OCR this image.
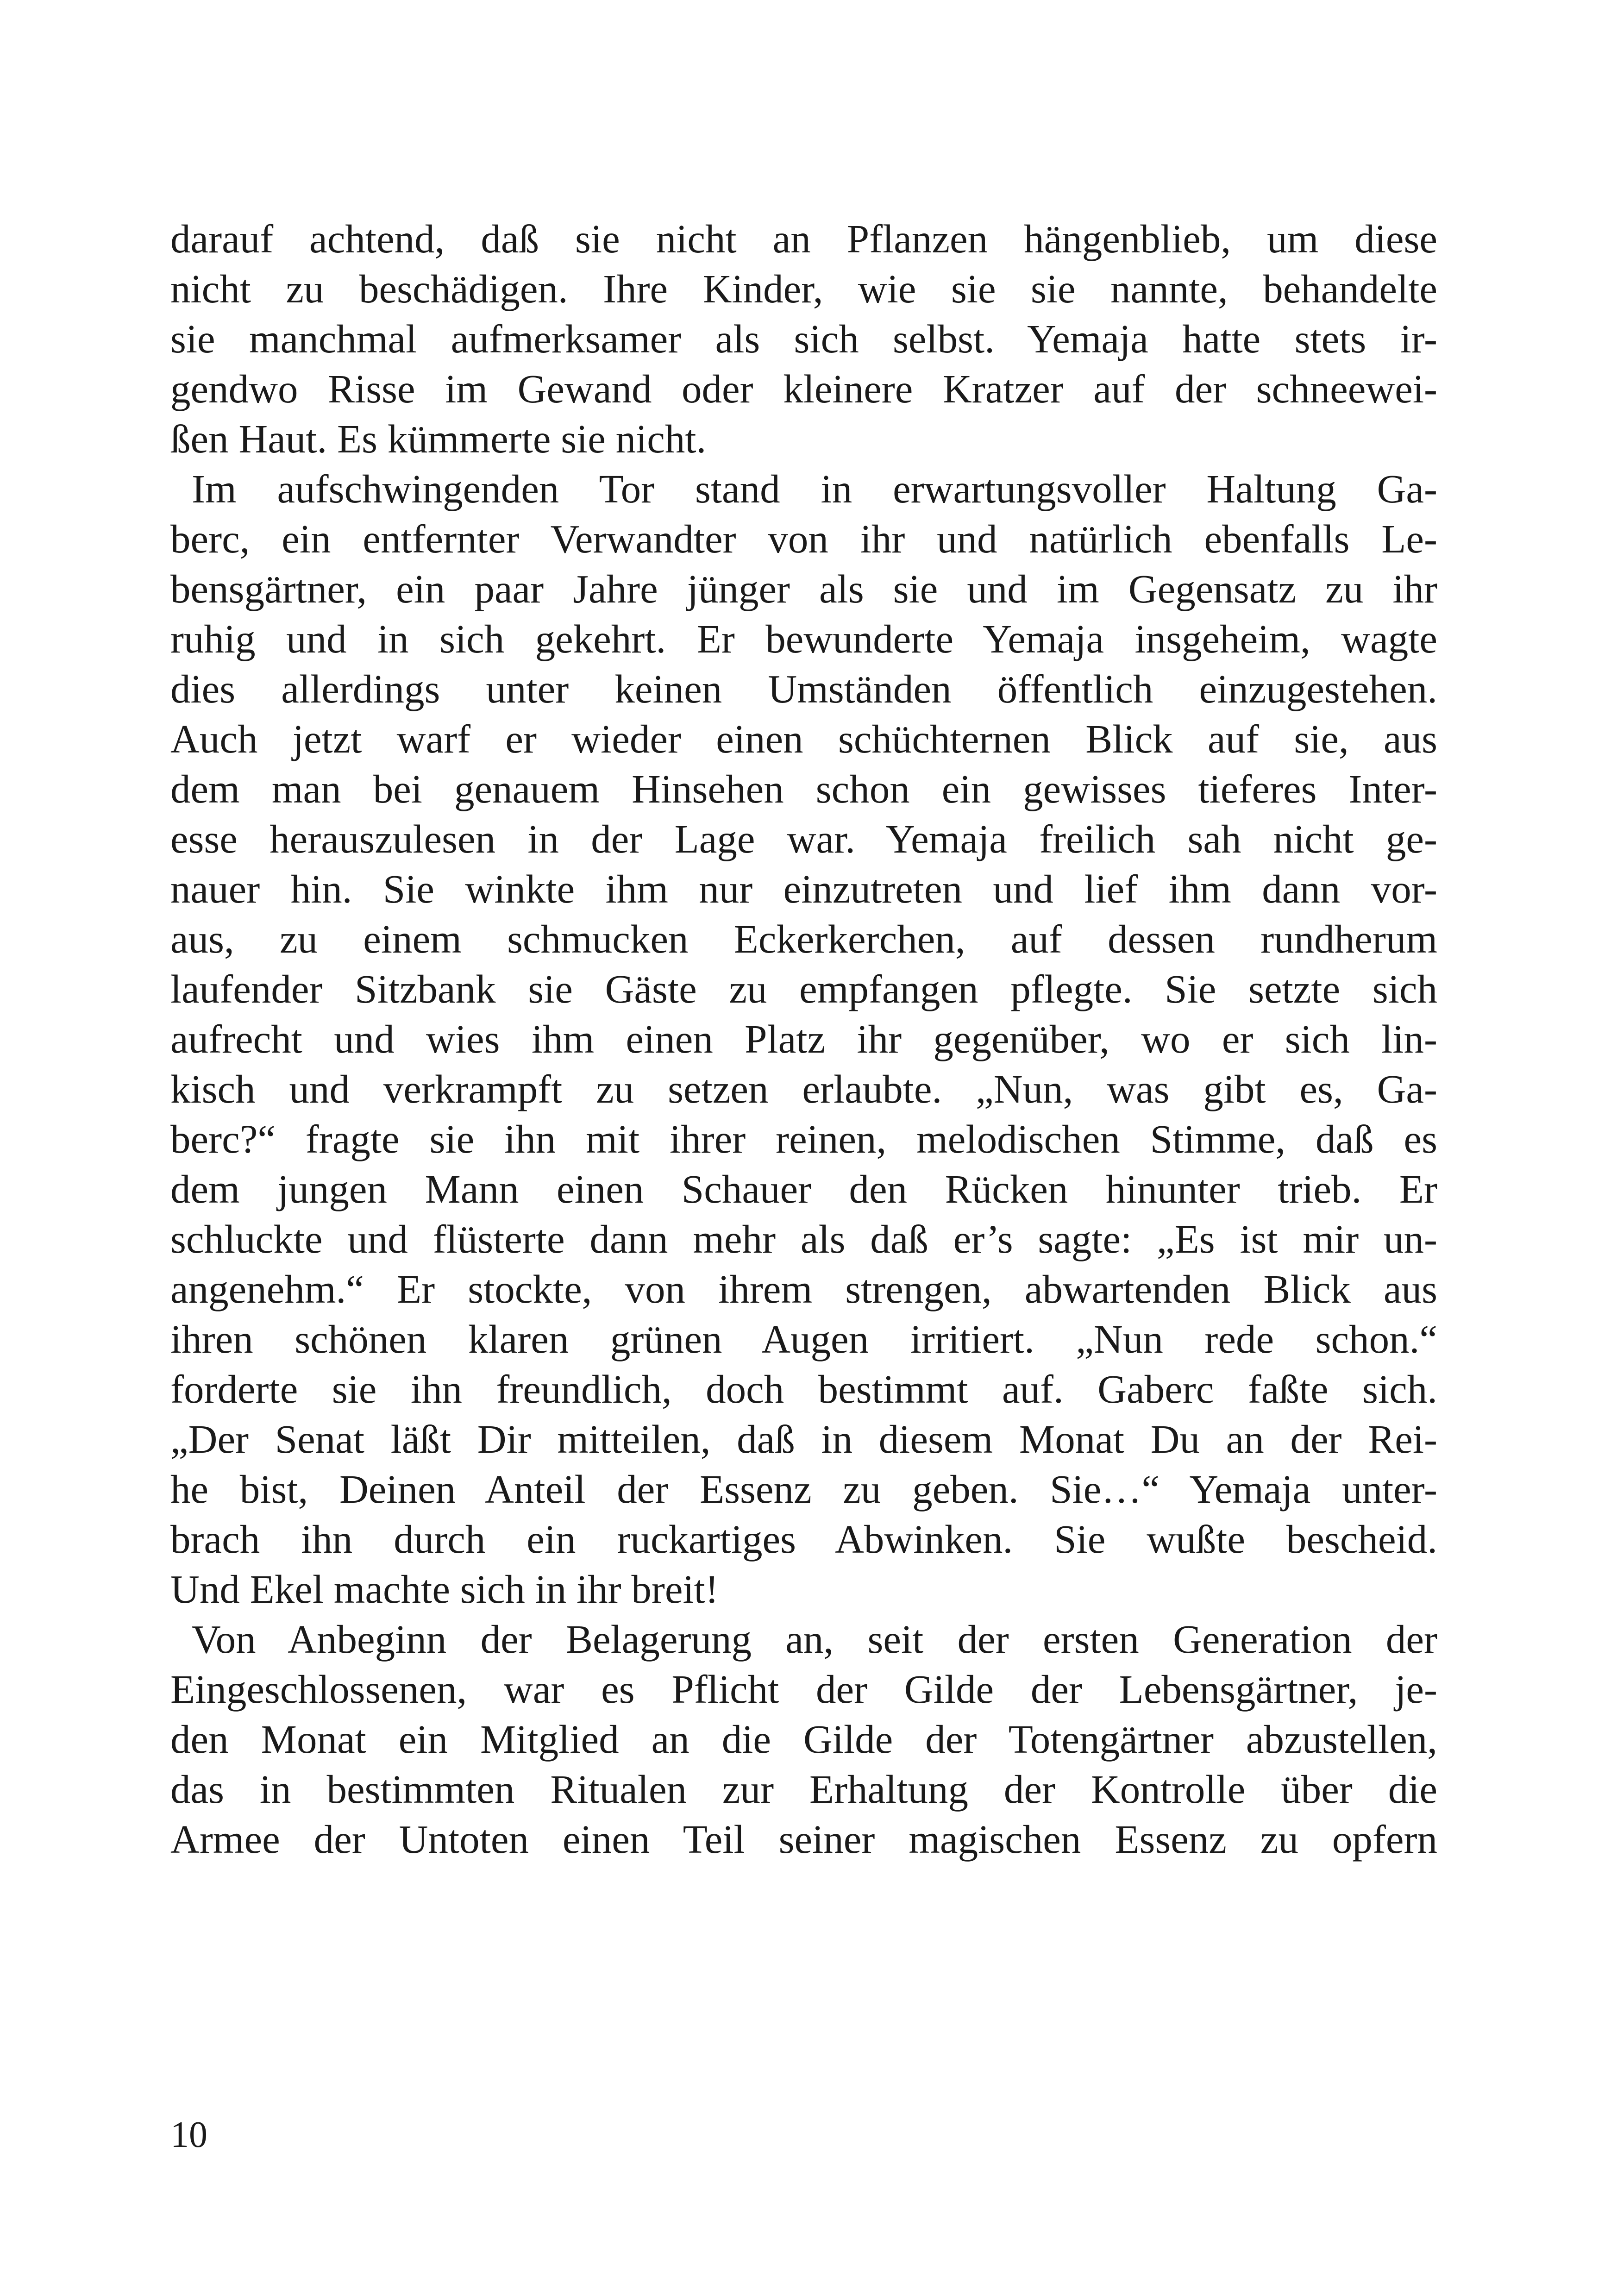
darauf achtend, daß sie nicht an Pflanzen hängenblieb, um diese
nicht zu beschädigen. Ihre Kinder, wie sie sie nannte, behandelte
sie manchmal aufmerksamer als sich selbst. Yemaja hatte stets ir-
gendwo Risse im Gewand oder kleinere Kratzer auf der schneewei-
ßen Haut. Es kümmerte sie nicht.
Im aufschwingenden Tor stand in erwartungsvoller Haltung Ga-
berc, ein entfernter Verwandter von ihr und natürlich ebenfalls Le-
bensgärtner, ein paar Jahre jünger als sie und im Gegensatz zu ihr
ruhig und in sich gekehrt. Er bewunderte Yemaja insgeheim, wagte
dies allerdings unter keinen Umständen öffentlich einzugestehen.
Auch jetzt warf er wieder einen schüchternen Blick auf sie, aus
dem man bei genauem Hinsehen schon ein gewisses tieferes Inter-
esse herauszulesen in der Lage war. Yemaja freilich sah nicht ge-
nauer hin. Sie winkte ihm nur einzutreten und lief ihm dann vor-
aus, zu einem schmucken Eckerkerchen, auf dessen rundherum
laufender Sitzbank sie Gäste zu empfangen pflegte. Sie setzte sich
aufrecht und wies ihm einen Platz ihr gegenüber, wo er sich lin-
kisch und verkrampft zu setzen erlaubte. „Nun, was gibt es, Ga-
berc?“ fragte sie ihn mit ihrer reinen, melodischen Stimme, daß es
dem jungen Mann einen Schauer den Rücken hinunter trieb. Er
schluckte und flüsterte dann mehr als daß er’s sagte: „Es ist mir un-
angenehm.“ Er stockte, von ihrem strengen, abwartenden Blick aus
ihren schönen klaren grünen Augen irritiert. „Nun rede schon.“
forderte sie ihn freundlich, doch bestimmt auf. Gaberc faßte sich.
„Der Senat läßt Dir mitteilen, daß in diesem Monat Du an der Rei-
he bist, Deinen Anteil der Essenz zu geben. Sie…“ Yemaja unter-
brach ihn durch ein ruckartiges Abwinken. Sie wußte bescheid.
Und Ekel machte sich in ihr breit!
Von Anbeginn der Belagerung an, seit der ersten Generation der
Eingeschlossenen, war es Pflicht der Gilde der Lebensgärtner, je-
den Monat ein Mitglied an die Gilde der Totengärtner abzustellen,
das in bestimmten Ritualen zur Erhaltung der Kontrolle über die
Armee der Untoten einen Teil seiner magischen Essenz zu opfern
10
